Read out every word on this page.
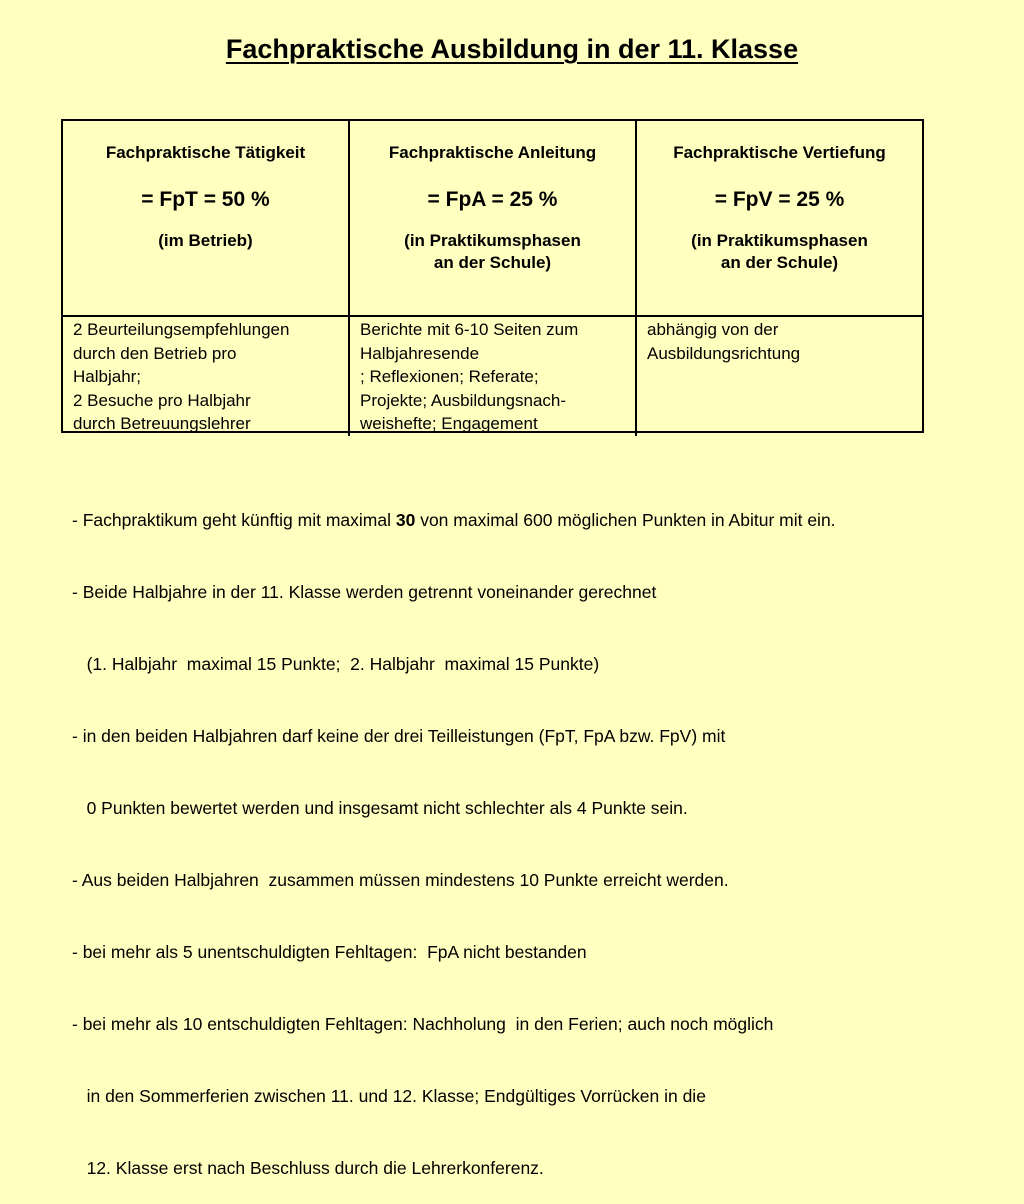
Fachpraktische Ausbildung in der 11. Klasse
Fachpraktische Tätigkeit
= FpT = 50 %
(im Betrieb)
Fachpraktische Anleitung
= FpA = 25 %
(in Praktikumsphasen
an der Schule)
Fachpraktische Vertiefung
= FpV = 25 %
(in Praktikumsphasen
an der Schule)
2 Beurteilungsempfehlungen
durch den Betrieb pro
Halbjahr;
2 Besuche pro Halbjahr
durch Betreuungslehrer
Berichte mit 6-10 Seiten zum
Halbjahresende
; Reflexionen; Referate;
Projekte; Ausbildungsnach-
weishefte; Engagement
abhängig von der
Ausbildungsrichtung

- Fachpraktikum geht künftig mit maximal 30 von maximal 600 möglichen Punkten in Abitur mit ein.

- Beide Halbjahre in der 11. Klasse werden getrennt voneinander gerechnet

(1. Halbjahr  maximal 15 Punkte;  2. Halbjahr  maximal 15 Punkte)

- in den beiden Halbjahren darf keine der drei Teilleistungen (FpT, FpA bzw. FpV) mit

0 Punkten bewertet werden und insgesamt nicht schlechter als 4 Punkte sein.

- Aus beiden Halbjahren  zusammen müssen mindestens 10 Punkte erreicht werden.

- bei mehr als 5 unentschuldigten Fehltagen:  FpA nicht bestanden

- bei mehr als 10 entschuldigten Fehltagen: Nachholung  in den Ferien; auch noch möglich

in den Sommerferien zwischen 11. und 12. Klasse; Endgültiges Vorrücken in die

12. Klasse erst nach Beschluss durch die Lehrerkonferenz.
